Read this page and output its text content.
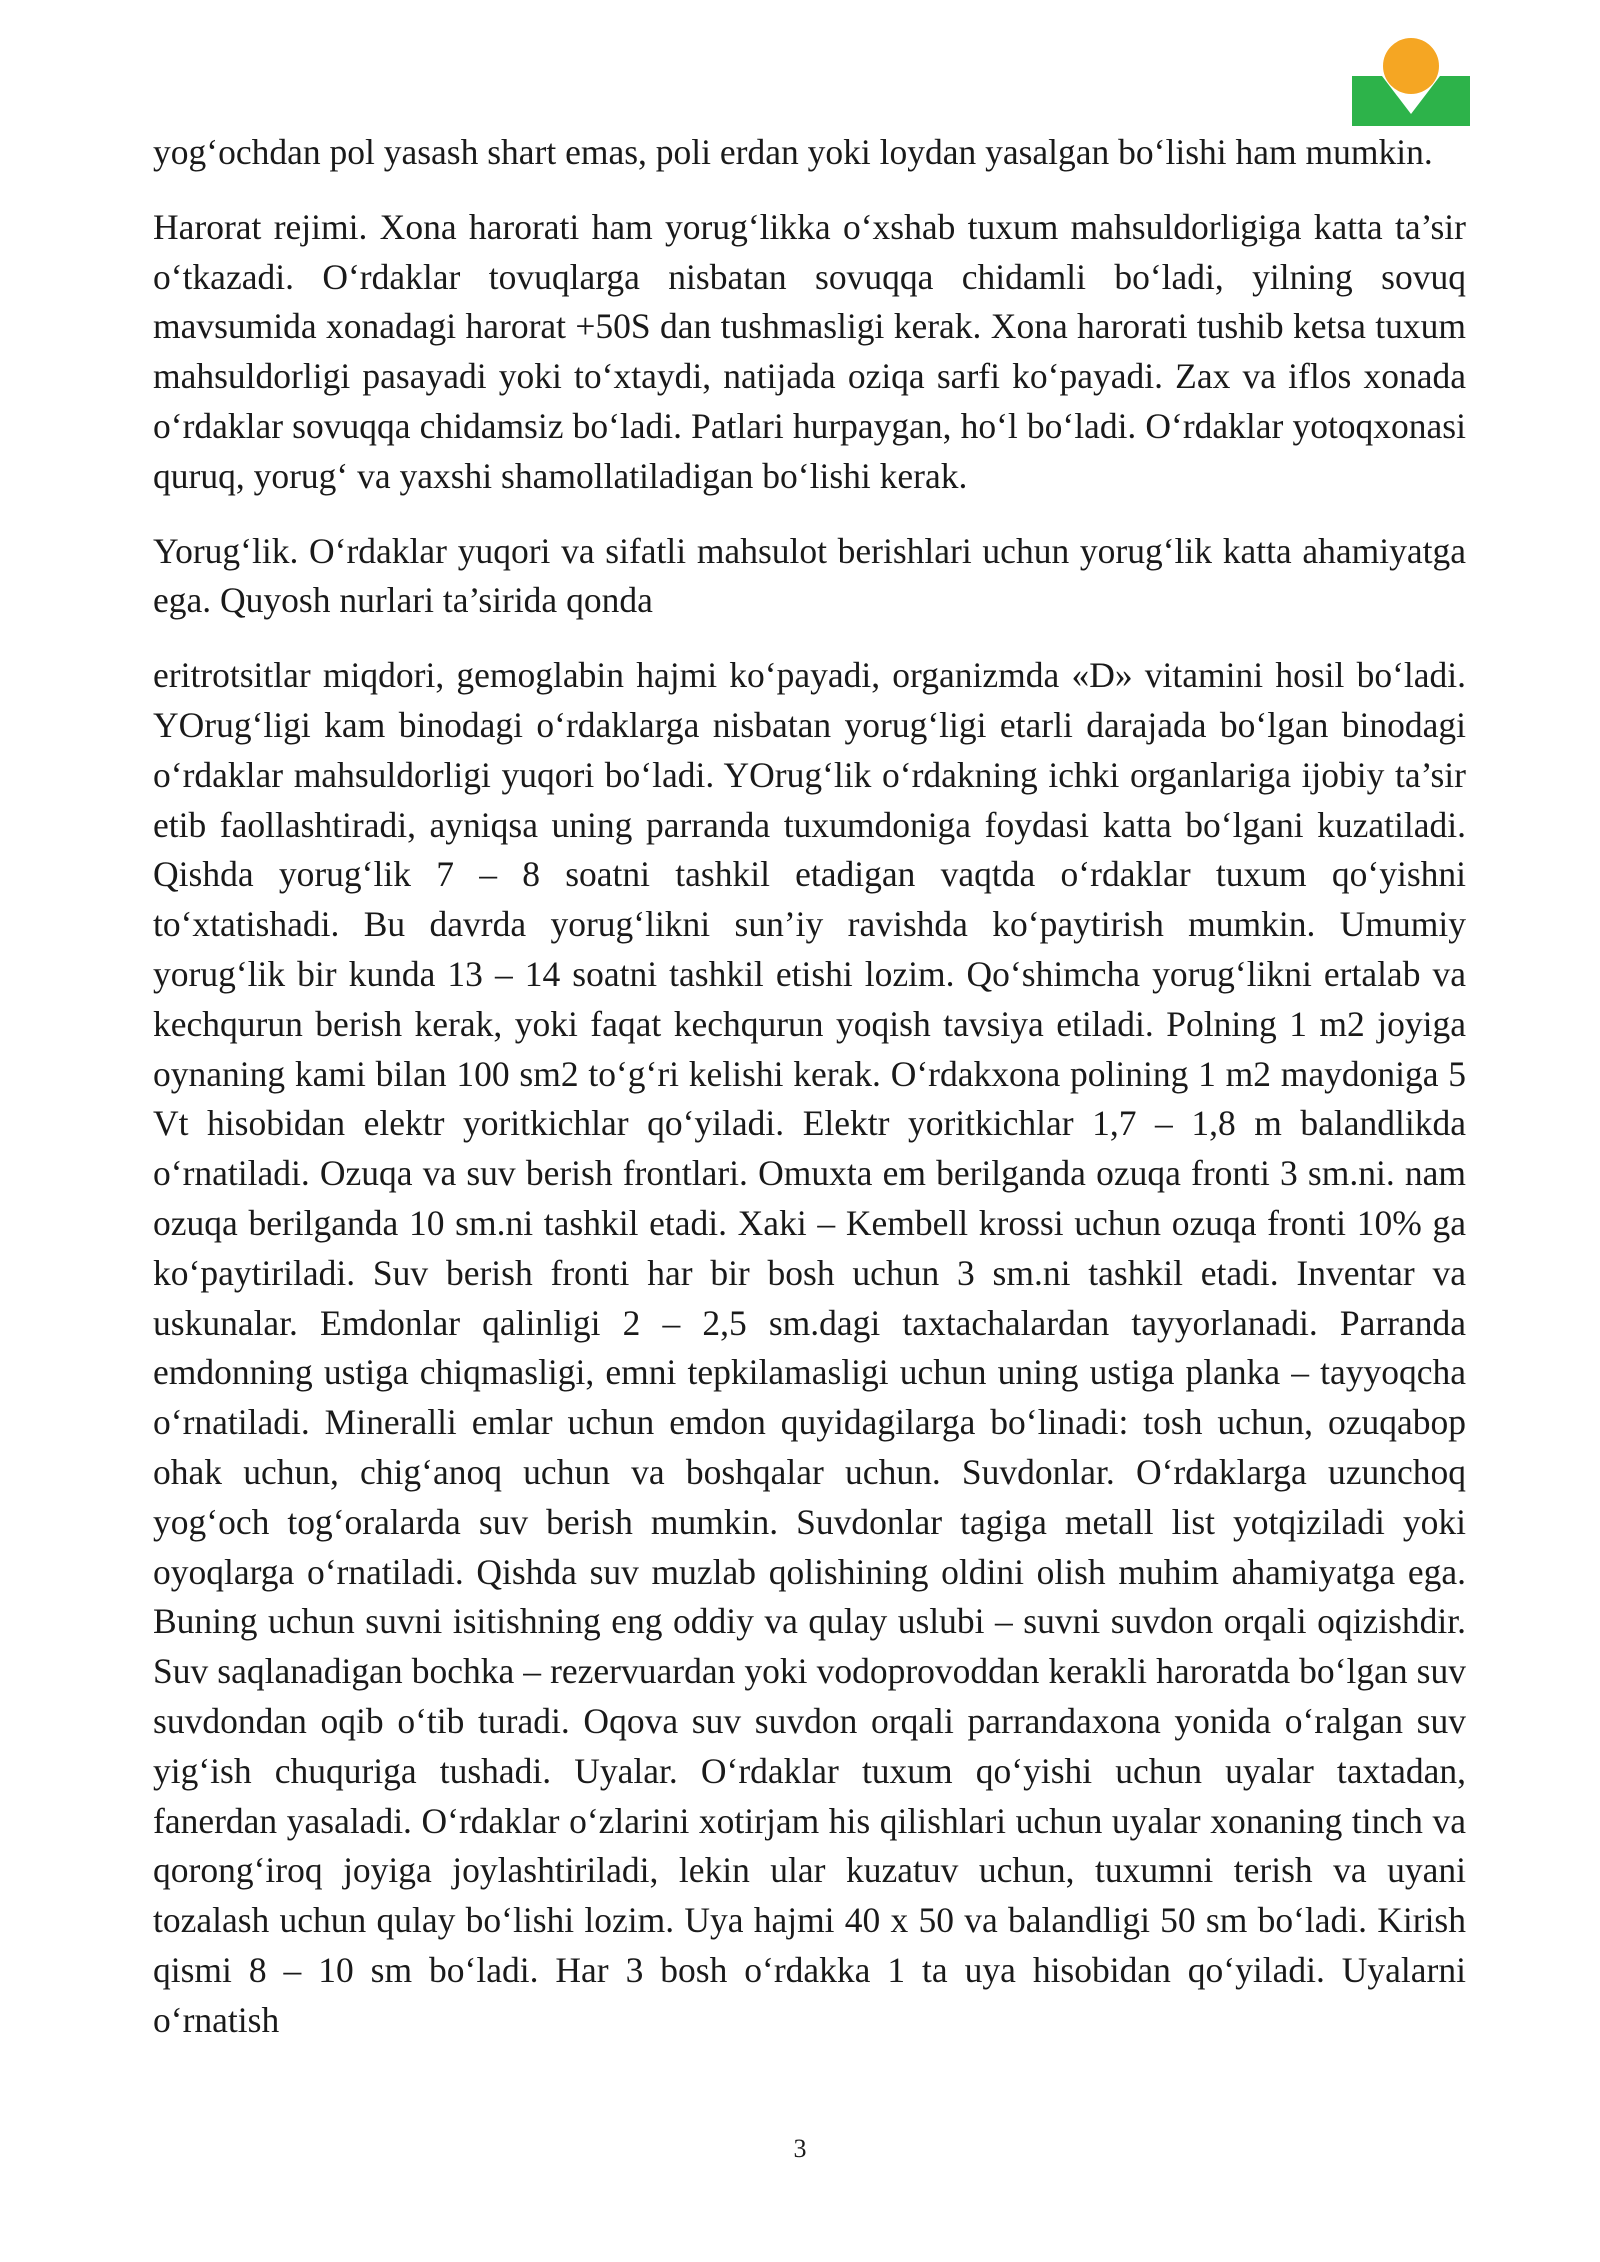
yog‘ochdan pol yasash shart emas, poli erdan yoki loydan yasalgan bo‘lishi ham mumkin.

Harorat rejimi. Xona harorati ham yorug‘likka o‘xshab tuxum mahsuldorligiga katta ta’sir o‘tkazadi. O‘rdaklar tovuqlarga nisbatan sovuqqa chidamli bo‘ladi, yilning sovuq mavsumida xonadagi harorat +50S dan tushmasligi kerak. Xona harorati tushib ketsa tuxum mahsuldorligi pasayadi yoki to‘xtaydi, natijada oziqa sarfi ko‘payadi. Zax va iflos xonada o‘rdaklar sovuqqa chidamsiz bo‘ladi. Patlari hurpaygan, ho‘l bo‘ladi. O‘rdaklar yotoqxonasi quruq, yorug‘ va yaxshi shamollatiladigan bo‘lishi kerak.

Yorug‘lik. O‘rdaklar yuqori va sifatli mahsulot berishlari uchun yorug‘lik katta ahamiyatga ega. Quyosh nurlari ta’sirida qonda

eritrotsitlar miqdori, gemoglabin hajmi ko‘payadi, organizmda «D» vitamini hosil bo‘ladi. YOrug‘ligi kam binodagi o‘rdaklarga nisbatan yorug‘ligi etarli darajada bo‘lgan binodagi o‘rdaklar mahsuldorligi yuqori bo‘ladi. YOrug‘lik o‘rdakning ichki organlariga ijobiy ta’sir etib faollashtiradi, ayniqsa uning parranda tuxumdoniga foydasi katta bo‘lgani kuzatiladi. Qishda yorug‘lik 7 – 8 soatni tashkil etadigan vaqtda o‘rdaklar tuxum qo‘yishni to‘xtatishadi. Bu davrda yorug‘likni sun’iy ravishda ko‘paytirish mumkin. Umumiy yorug‘lik bir kunda 13 – 14 soatni tashkil etishi lozim. Qo‘shimcha yorug‘likni ertalab va kechqurun berish kerak, yoki faqat kechqurun yoqish tavsiya etiladi. Polning 1 m2 joyiga oynaning kami bilan 100 sm2 to‘g‘ri kelishi kerak. O‘rdakxona polining 1 m2 maydoniga 5 Vt hisobidan elektr yoritkichlar qo‘yiladi. Elektr yoritkichlar 1,7 – 1,8 m balandlikda o‘rnatiladi. Ozuqa va suv berish frontlari. Omuxta em berilganda ozuqa fronti 3 sm.ni. nam ozuqa berilganda 10 sm.ni tashkil etadi. Xaki – Kembell krossi uchun ozuqa fronti 10% ga ko‘paytiriladi. Suv berish fronti har bir bosh uchun 3 sm.ni tashkil etadi. Inventar va uskunalar. Emdonlar qalinligi 2 – 2,5 sm.dagi taxtachalardan tayyorlanadi. Parranda emdonning ustiga chiqmasligi, emni tepkilamasligi uchun uning ustiga planka – tayyoqcha o‘rnatiladi. Mineralli emlar uchun emdon quyidagilarga bo‘linadi: tosh uchun, ozuqabop ohak uchun, chig‘anoq uchun va boshqalar uchun. Suvdonlar. O‘rdaklarga uzunchoq yog‘och tog‘oralarda suv berish mumkin. Suvdonlar tagiga metall list yotqiziladi yoki oyoqlarga o‘rnatiladi. Qishda suv muzlab qolishining oldini olish muhim ahamiyatga ega. Buning uchun suvni isitishning eng oddiy va qulay uslubi – suvni suvdon orqali oqizishdir. Suv saqlanadigan bochka – rezervuardan yoki vodoprovoddan kerakli haroratda bo‘lgan suv suvdondan oqib o‘tib turadi. Oqova suv suvdon orqali parrandaxona yonida o‘ralgan suv yig‘ish chuquriga tushadi. Uyalar. O‘rdaklar tuxum qo‘yishi uchun uyalar taxtadan, fanerdan yasaladi. O‘rdaklar o‘zlarini xotirjam his qilishlari uchun uyalar xonaning tinch va qorong‘iroq joyiga joylashtiriladi, lekin ular kuzatuv uchun, tuxumni terish va uyani tozalash uchun qulay bo‘lishi lozim. Uya hajmi 40 x 50 va balandligi 50 sm bo‘ladi. Kirish qismi 8 – 10 sm bo‘ladi. Har 3 bosh o‘rdakka 1 ta uya hisobidan qo‘yiladi. Uyalarni o‘rnatish

3
